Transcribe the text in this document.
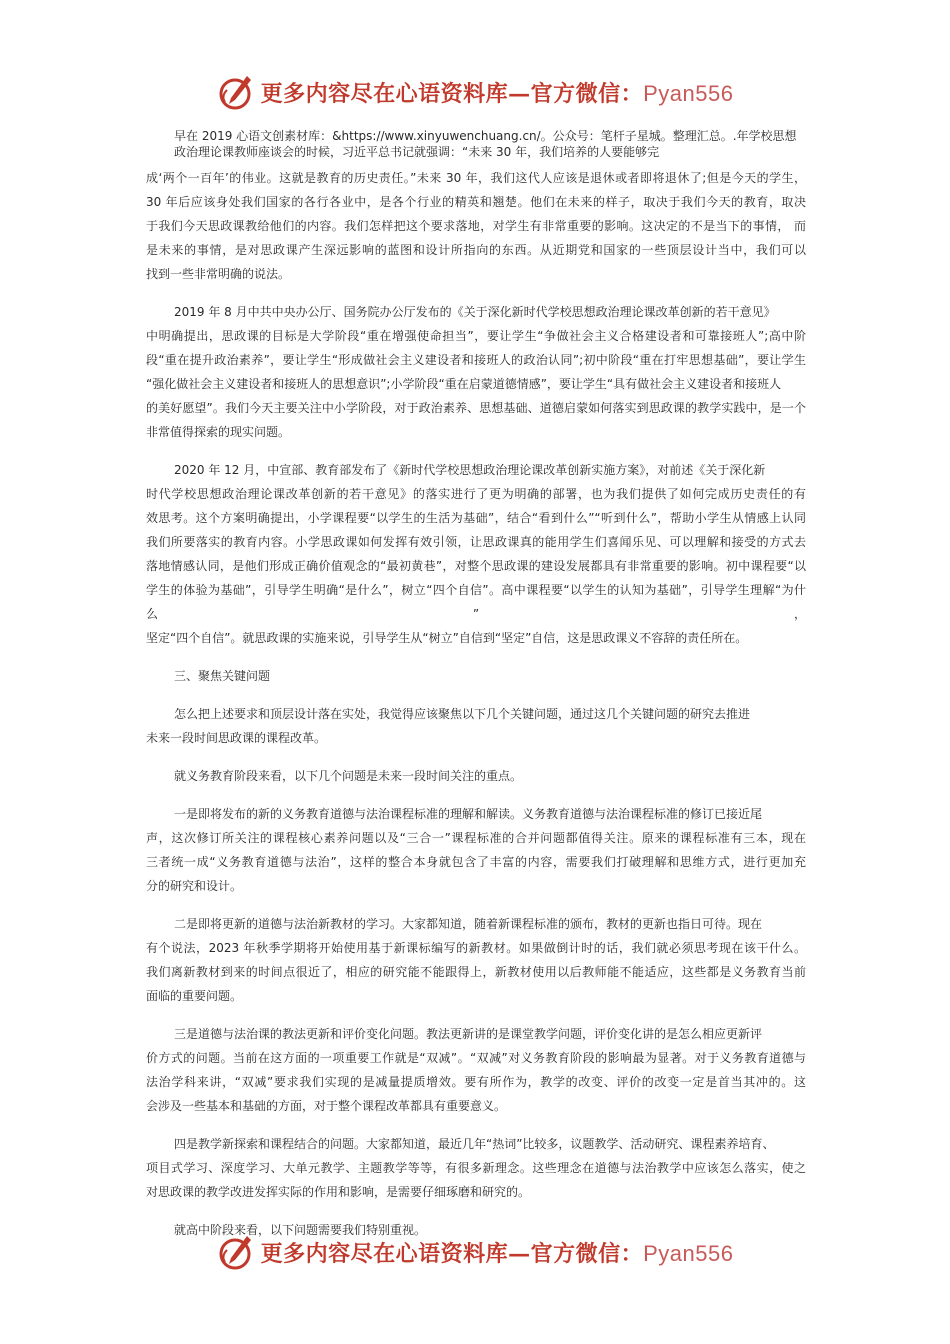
更多内容尽在心语资料库—官方微信：Pyan556
早在 2019 心语文创素材库：&https://www.xinyuwenchuang.cn/。公众号：笔杆子星城。整理汇总。.年学校思想
政治理论课教师座谈会的时候，习近平总书记就强调：“未来 30 年，我们培养的人要能够完
成‘两个一百年’的伟业。这就是教育的历史责任。”未来 30 年，我们这代人应该是退休或者即将退休了;但是今天的学生，
30 年后应该身处我们国家的各行各业中，是各个行业的精英和翘楚。他们在未来的样子，取决于我们今天的教育，取决
于我们今天思政课教给他们的内容。我们怎样把这个要求落地，对学生有非常重要的影响。这决定的不是当下的事情， 而
是未来的事情，是对思政课产生深远影响的蓝图和设计所指向的东西。从近期党和国家的一些顶层设计当中，我们可以
找到一些非常明确的说法。
2019 年 8 月中共中央办公厅、国务院办公厅发布的《关于深化新时代学校思想政治理论课改革创新的若干意见》
中明确提出，思政课的目标是大学阶段“重在增强使命担当”，要让学生“争做社会主义合格建设者和可靠接班人”;高中阶
段“重在提升政治素养”，要让学生“形成做社会主义建设者和接班人的政治认同”;初中阶段“重在打牢思想基础”，要让学生
“强化做社会主义建设者和接班人的思想意识”;小学阶段“重在启蒙道德情感”，要让学生“具有做社会主义建设者和接班人
的美好愿望”。我们今天主要关注中小学阶段，对于政治素养、思想基础、道德启蒙如何落实到思政课的教学实践中，是一个
非常值得探索的现实问题。
2020 年 12 月，中宣部、教育部发布了《新时代学校思想政治理论课改革创新实施方案》，对前述《关于深化新
时代学校思想政治理论课改革创新的若干意见》的落实进行了更为明确的部署，也为我们提供了如何完成历史责任的有
效思考。这个方案明确提出，小学课程要“以学生的生活为基础”，结合“看到什么”“听到什么”，帮助小学生从情感上认同
我们所要落实的教育内容。小学思政课如何发挥有效引领，让思政课真的能用学生们喜闻乐见、可以理解和接受的方式去
落地情感认同，是他们形成正确价值观念的“最初黄巷”，对整个思政课的建设发展都具有非常重要的影响。初中课程要“以
学生的体验为基础”，引导学生明确“是什么”，树立“四个自信”。高中课程要“以学生的认知为基础”，引导学生理解“为什么”，
坚定“四个自信”。就思政课的实施来说，引导学生从“树立”自信到“坚定”自信，这是思政课义不容辞的责任所在。
三、聚焦关键问题
怎么把上述要求和顶层设计落在实处，我觉得应该聚焦以下几个关键问题，通过这几个关键问题的研究去推进
未来一段时间思政课的课程改革。
就义务教育阶段来看，以下几个问题是未来一段时间关注的重点。
一是即将发布的新的义务教育道德与法治课程标准的理解和解读。义务教育道德与法治课程标准的修订已接近尾
声，这次修订所关注的课程核心素养问题以及“三合一”课程标准的合并问题都值得关注。原来的课程标准有三本，现在
三者统一成“义务教育道德与法治”，这样的整合本身就包含了丰富的内容，需要我们打破理解和思维方式，进行更加充
分的研究和设计。
二是即将更新的道德与法治新教材的学习。大家都知道，随着新课程标准的颁布，教材的更新也指日可待。现在
有个说法，2023 年秋季学期将开始使用基于新课标编写的新教材。如果做倒计时的话，我们就必须思考现在该干什么。
我们离新教材到来的时间点很近了，相应的研究能不能跟得上，新教材使用以后教师能不能适应，这些都是义务教育当前
面临的重要问题。
三是道德与法治课的教法更新和评价变化问题。教法更新讲的是课堂教学问题，评价变化讲的是怎么相应更新评
价方式的问题。当前在这方面的一项重要工作就是“双减”。“双减”对义务教育阶段的影响最为显著。对于义务教育道德与
法治学科来讲，“双减”要求我们实现的是减量提质增效。要有所作为，教学的改变、评价的改变一定是首当其冲的。这
会涉及一些基本和基础的方面，对于整个课程改革都具有重要意义。
四是教学新探索和课程结合的问题。大家都知道，最近几年“热词”比较多，议题教学、活动研究、课程素养培育、
项目式学习、深度学习、大单元教学、主题教学等等，有很多新理念。这些理念在道德与法治教学中应该怎么落实，使之
对思政课的教学改进发挥实际的作用和影响，是需要仔细琢磨和研究的。
就高中阶段来看，以下问题需要我们特别重视。
更多内容尽在心语资料库—官方微信：Pyan556
